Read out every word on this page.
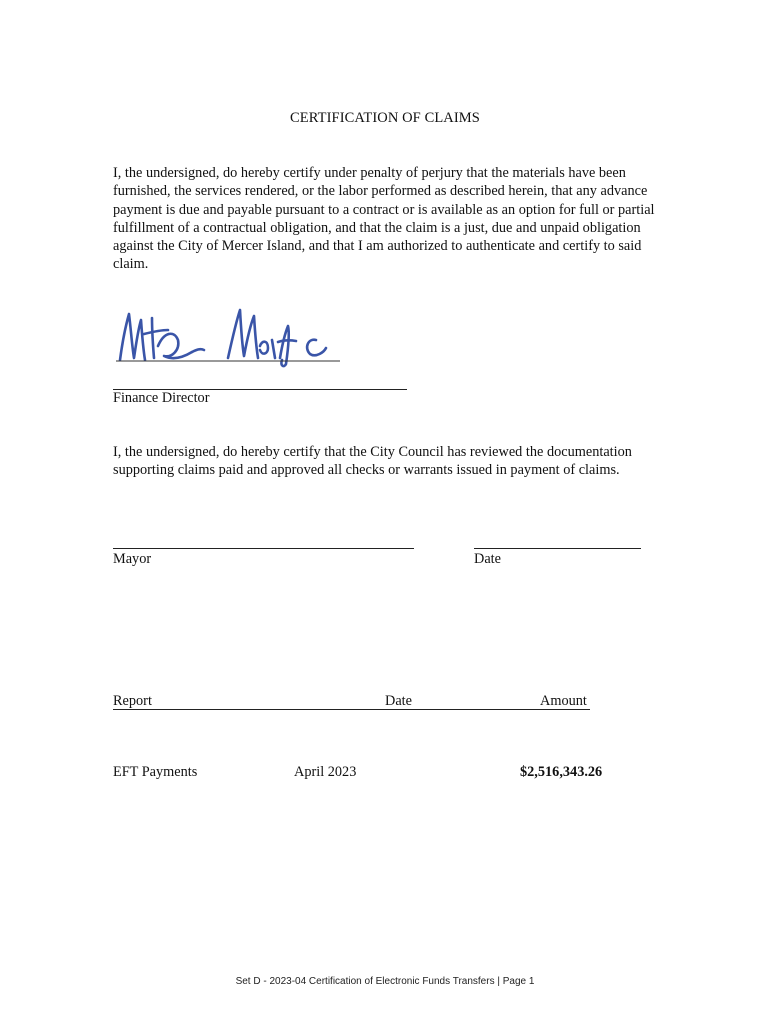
CERTIFICATION OF CLAIMS

I, the undersigned, do hereby certify under penalty of perjury that the materials have been furnished, the services rendered, or the labor performed as described herein, that any advance payment is due and payable pursuant to a contract or is available as an option for full or partial fulfillment of a contractual obligation, and that the claim is a just, due and unpaid obligation against the City of Mercer Island, and that I am authorized to authenticate and certify to said claim.

Finance Director

I, the undersigned, do hereby certify that the City Council has reviewed the documentation supporting claims paid and approved all checks or warrants issued in payment of claims.

Mayor	Date
Report	Date	Amount
EFT Payments	April 2023	$2,516,343.26
Set D - 2023-04 Certification of Electronic Funds Transfers | Page 1
